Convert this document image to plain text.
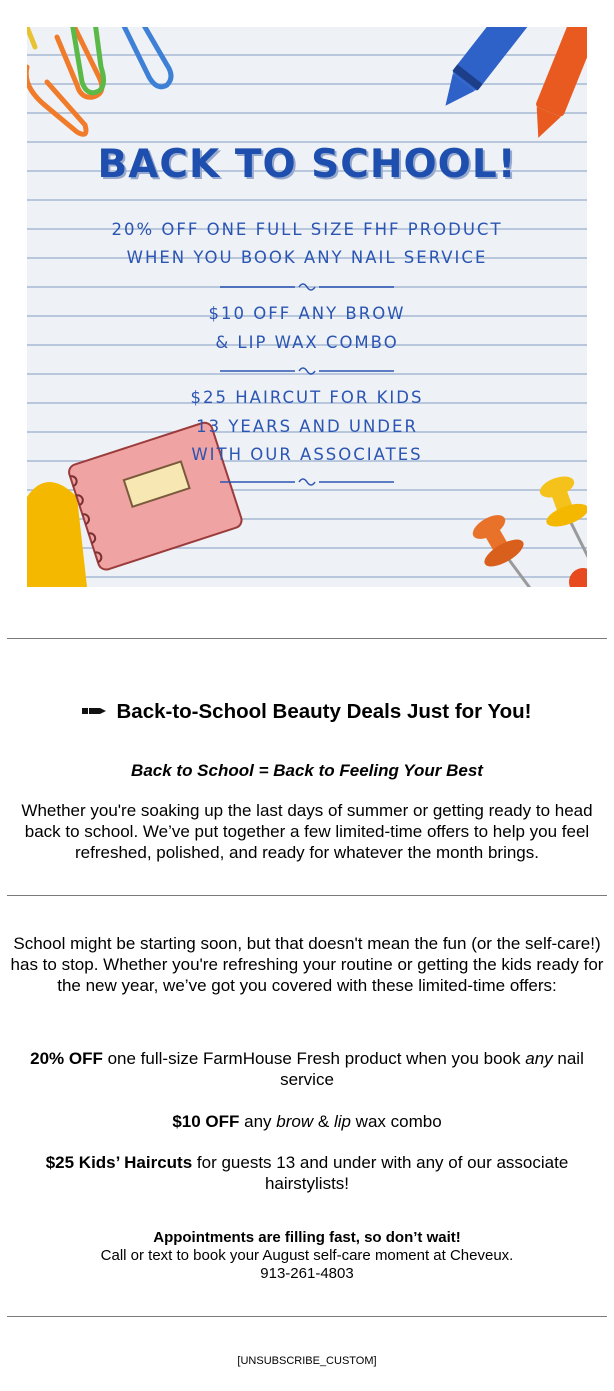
BACK TO SCHOOL!
20% OFF ONE FULL SIZE FHF PRODUCT
WHEN YOU BOOK ANY NAIL SERVICE
$10 OFF ANY BROW
& LIP WAX COMBO
$25 HAIRCUT FOR KIDS
13 YEARS AND UNDER
WITH OUR ASSOCIATES
Back-to-School Beauty Deals Just for You!
Back to School = Back to Feeling Your Best
Whether you're soaking up the last days of summer or getting ready to head back to school. We’ve put together a few limited-time offers to help you feel refreshed, polished, and ready for whatever the month brings.
School might be starting soon, but that doesn't mean the fun (or the self-care!) has to stop. Whether you're refreshing your routine or getting the kids ready for the new year, we’ve got you covered with these limited-time offers:
20% OFF one full-size FarmHouse Fresh product when you book any nail service
$10 OFF any brow & lip wax combo
$25 Kids’ Haircuts for guests 13 and under with any of our associate hairstylists!
Appointments are filling fast, so don’t wait!
Call or text to book your August self-care moment at Cheveux.
913-261-4803
[UNSUBSCRIBE_CUSTOM]
